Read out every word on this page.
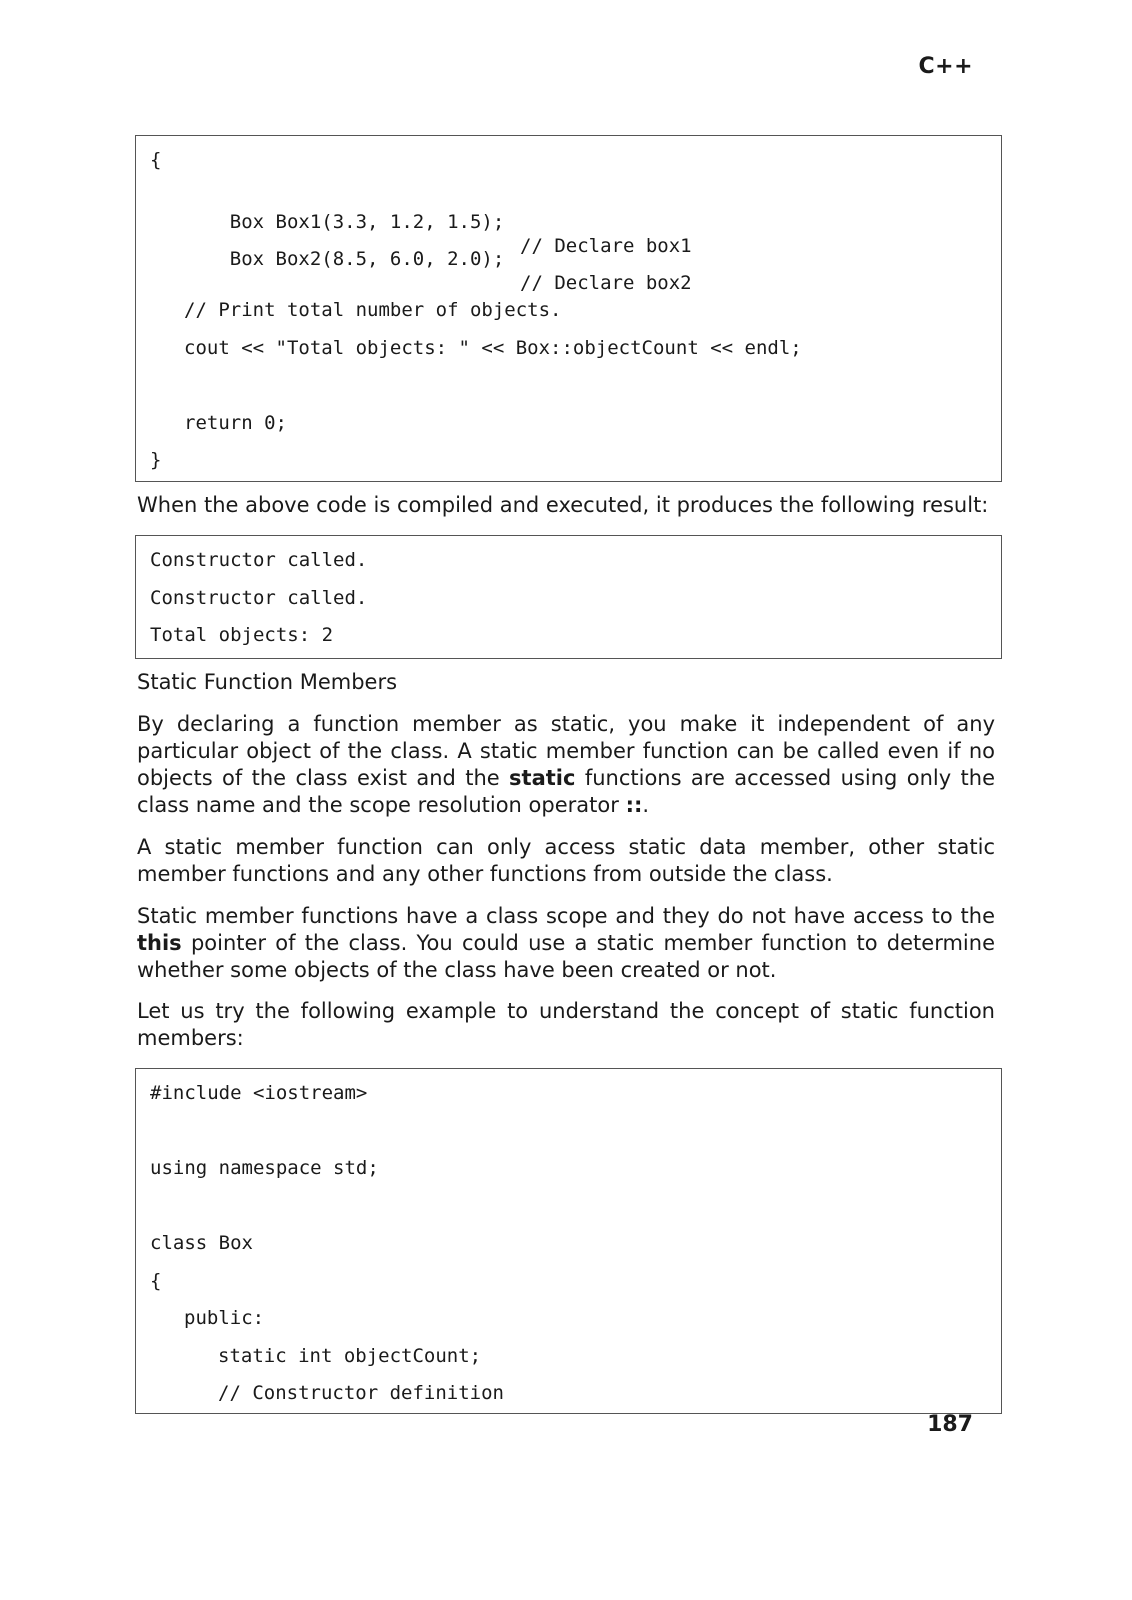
C++
{

Box Box1(3.3, 1.2, 1.5);

// Declare box1

Box Box2(8.5, 6.0, 2.0);

// Declare box2

// Print total number of objects.
cout << "Total objects: " << Box::objectCount << endl;
return 0;
}

When the above code is compiled and executed, it produces the following result:

Constructor called.
Constructor called.
Total objects: 2

Static Function Members

By declaring a function member as static, you make it independent of any particular object of the class. A static member function can be called even if no objects of the class exist and the static functions are accessed using only the class name and the scope resolution operator ::.

A static member function can only access static data member, other static member functions and any other functions from outside the class.

Static member functions have a class scope and they do not have access to the this pointer of the class. You could use a static member function to determine whether some objects of the class have been created or not.

Let us try the following example to understand the concept of static function members:

#include <iostream>
using namespace std;
class Box
{
public:
static int objectCount;
// Constructor definition
187
